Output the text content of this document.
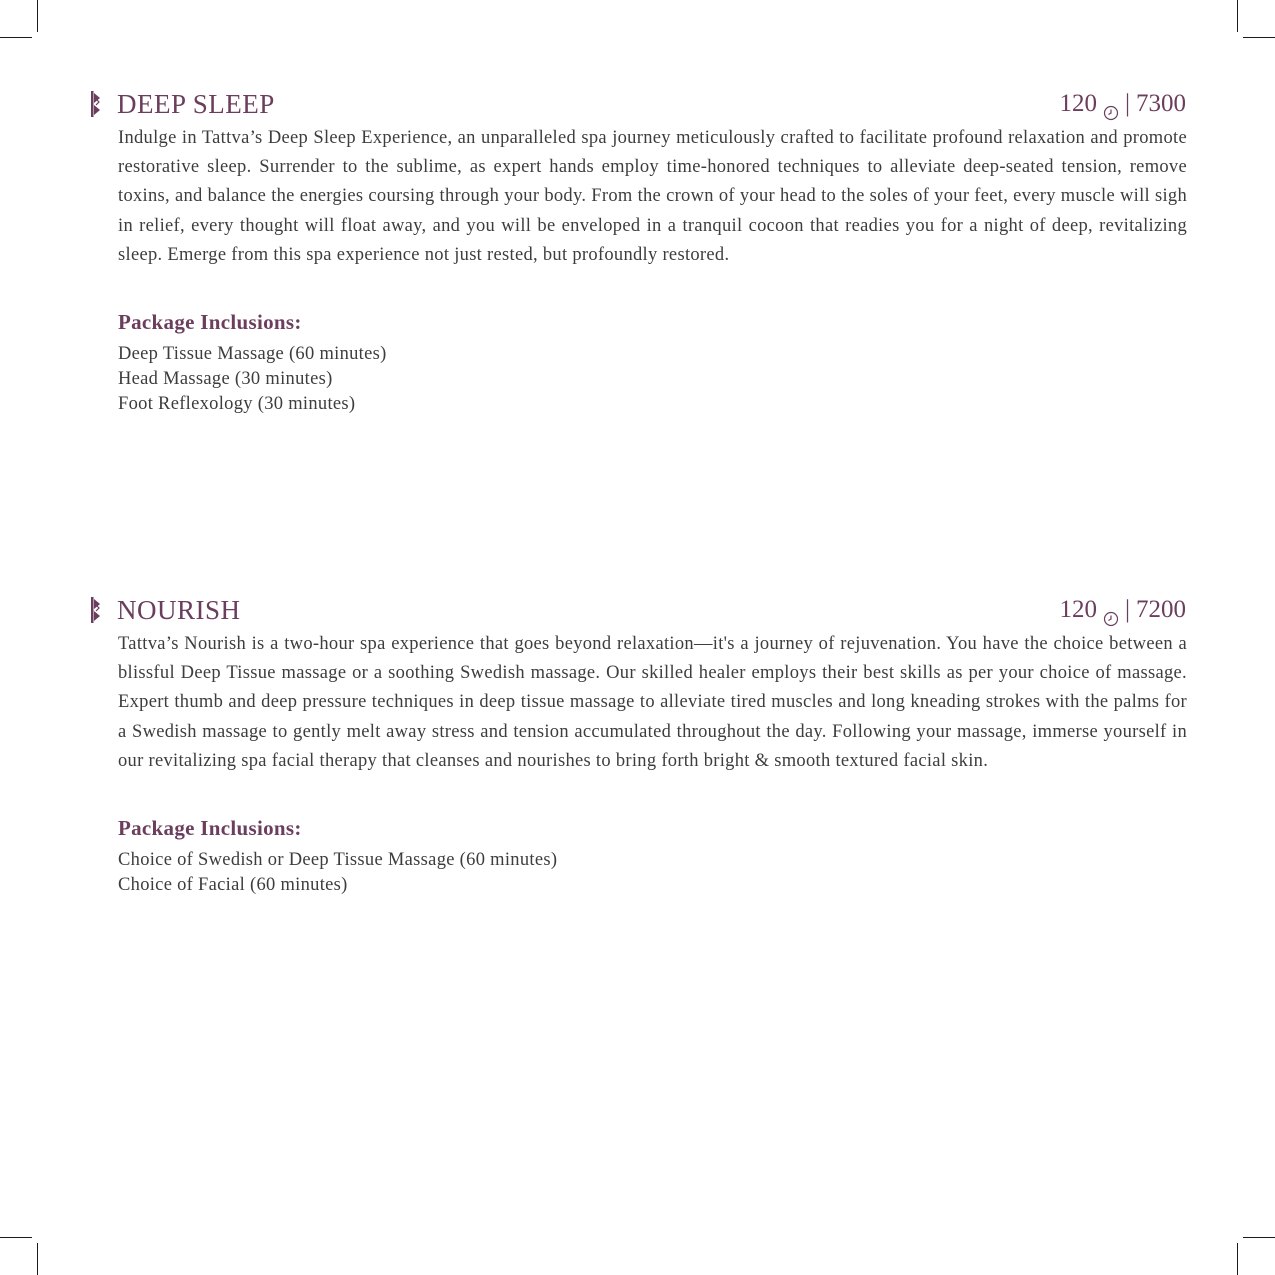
DEEP SLEEP	120 | 7300

Indulge in Tattva’s Deep Sleep Experience, an unparalleled spa journey meticulously crafted to facilitate profound relaxation and promote restorative sleep. Surrender to the sublime, as expert hands employ time-honored techniques to alleviate deep-seated tension, remove toxins, and balance the energies coursing through your body. From the crown of your head to the soles of your feet, every muscle will sigh in relief, every thought will float away, and you will be enveloped in a tranquil cocoon that readies you for a night of deep, revitalizing sleep. Emerge from this spa experience not just rested, but profoundly restored.

Package Inclusions:
Deep Tissue Massage (60 minutes)
Head Massage (30 minutes)
Foot Reflexology (30 minutes)
NOURISH	120 | 7200

Tattva’s Nourish is a two-hour spa experience that goes beyond relaxation—it's a journey of rejuvenation. You have the choice between a blissful Deep Tissue massage or a soothing Swedish massage. Our skilled healer employs their best skills as per your choice of massage. Expert thumb and deep pressure techniques in deep tissue massage to alleviate tired muscles and long kneading strokes with the palms for a Swedish massage to gently melt away stress and tension accumulated throughout the day. Following your massage, immerse yourself in our revitalizing spa facial therapy that cleanses and nourishes to bring forth bright & smooth textured facial skin.

Package Inclusions:
Choice of Swedish or Deep Tissue Massage (60 minutes)
Choice of Facial (60 minutes)
